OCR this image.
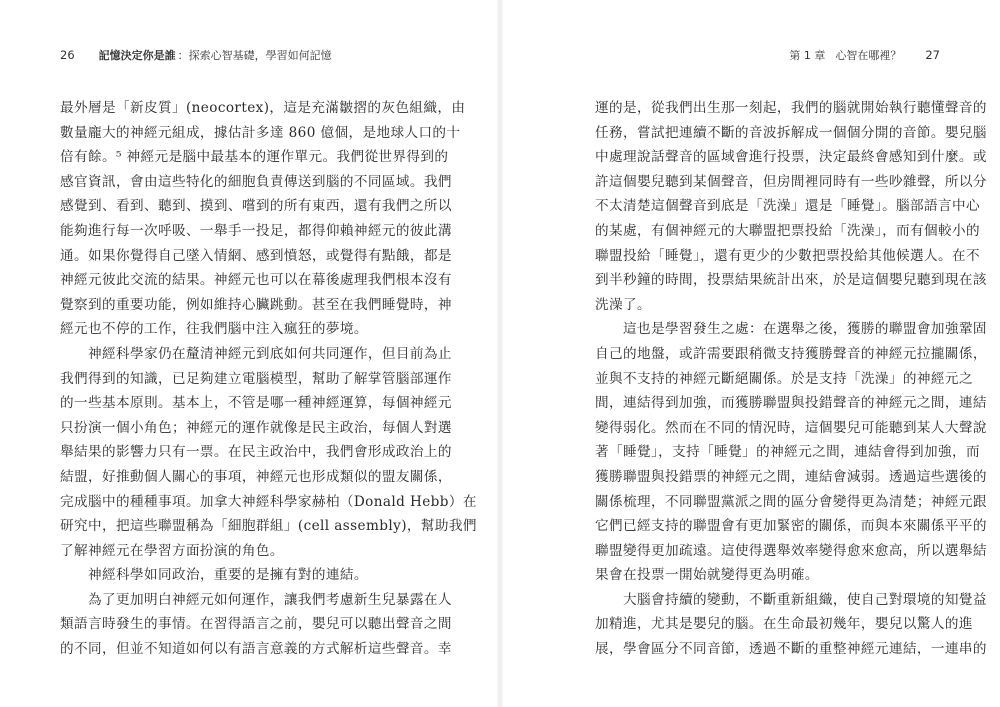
26 記憶決定你是誰 ：探索心智基礎，學習如何記憶
最外層是「新皮質」(neocortex)，這是充滿皺摺的灰色組織，由
數量龐大的神經元組成，據估計多達 860 億個，是地球人口的十
倍有餘。⁵ 神經元是腦中最基本的運作單元。我們從世界得到的
感官資訊，會由這些特化的細胞負責傳送到腦的不同區域。我們
感覺到、看到、聽到、摸到、嚐到的所有東西，還有我們之所以
能夠進行每一次呼吸、一舉手一投足，都得仰賴神經元的彼此溝
通。如果你覺得自己墜入情網、感到憤怒，或覺得有點餓，都是
神經元彼此交流的結果。神經元也可以在幕後處理我們根本沒有
覺察到的重要功能，例如維持心臟跳動。甚至在我們睡覺時，神
經元也不停的工作，往我們腦中注入瘋狂的夢境。
神經科學家仍在釐清神經元到底如何共同運作，但目前為止
我們得到的知識，已足夠建立電腦模型，幫助了解掌管腦部運作
的一些基本原則。基本上，不管是哪一種神經運算，每個神經元
只扮演一個小角色；神經元的運作就像是民主政治，每個人對選
舉結果的影響力只有一票。在民主政治中，我們會形成政治上的
結盟，好推動個人關心的事項，神經元也形成類似的盟友關係，
完成腦中的種種事項。加拿大神經科學家赫柏（Donald Hebb）在
研究中，把這些聯盟稱為「細胞群組」(cell assembly)，幫助我們
了解神經元在學習方面扮演的角色。
神經科學如同政治，重要的是擁有對的連結。
為了更加明白神經元如何運作，讓我們考慮新生兒暴露在人
類語言時發生的事情。在習得語言之前，嬰兒可以聽出聲音之間
的不同，但並不知道如何以有語言意義的方式解析這些聲音。幸
第 1 章 心智在哪裡？ 27
運的是，從我們出生那一刻起，我們的腦就開始執行聽懂聲音的
任務，嘗試把連續不斷的音波拆解成一個個分開的音節。嬰兒腦
中處理說話聲音的區域會進行投票，決定最終會感知到什麼。或
許這個嬰兒聽到某個聲音，但房間裡同時有一些吵雜聲，所以分
不太清楚這個聲音到底是「洗澡」還是「睡覺」。腦部語言中心
的某處，有個神經元的大聯盟把票投給「洗澡」，而有個較小的
聯盟投給「睡覺」，還有更少的少數把票投給其他候選人。在不
到半秒鐘的時間，投票結果統計出來，於是這個嬰兒聽到現在該
洗澡了。
這也是學習發生之處：在選舉之後，獲勝的聯盟會加強鞏固
自己的地盤，或許需要跟稍微支持獲勝聲音的神經元拉攏關係，
並與不支持的神經元斷絕關係。於是支持「洗澡」的神經元之
間，連結得到加強，而獲勝聯盟與投錯聲音的神經元之間，連結
變得弱化。然而在不同的情況時，這個嬰兒可能聽到某人大聲說
著「睡覺」，支持「睡覺」的神經元之間，連結會得到加強，而
獲勝聯盟與投錯票的神經元之間，連結會減弱。透過這些選後的
關係梳理，不同聯盟黨派之間的區分會變得更為清楚；神經元跟
它們已經支持的聯盟會有更加緊密的關係，而與本來關係平平的
聯盟變得更加疏遠。這使得選舉效率變得愈來愈高，所以選舉結
果會在投票一開始就變得更為明確。
大腦會持續的變動，不斷重新組織，使自己對環境的知覺益
加精進，尤其是嬰兒的腦。在生命最初幾年，嬰兒以驚人的進
展，學會區分不同音節，透過不斷的重整神經元連結，一連串的
